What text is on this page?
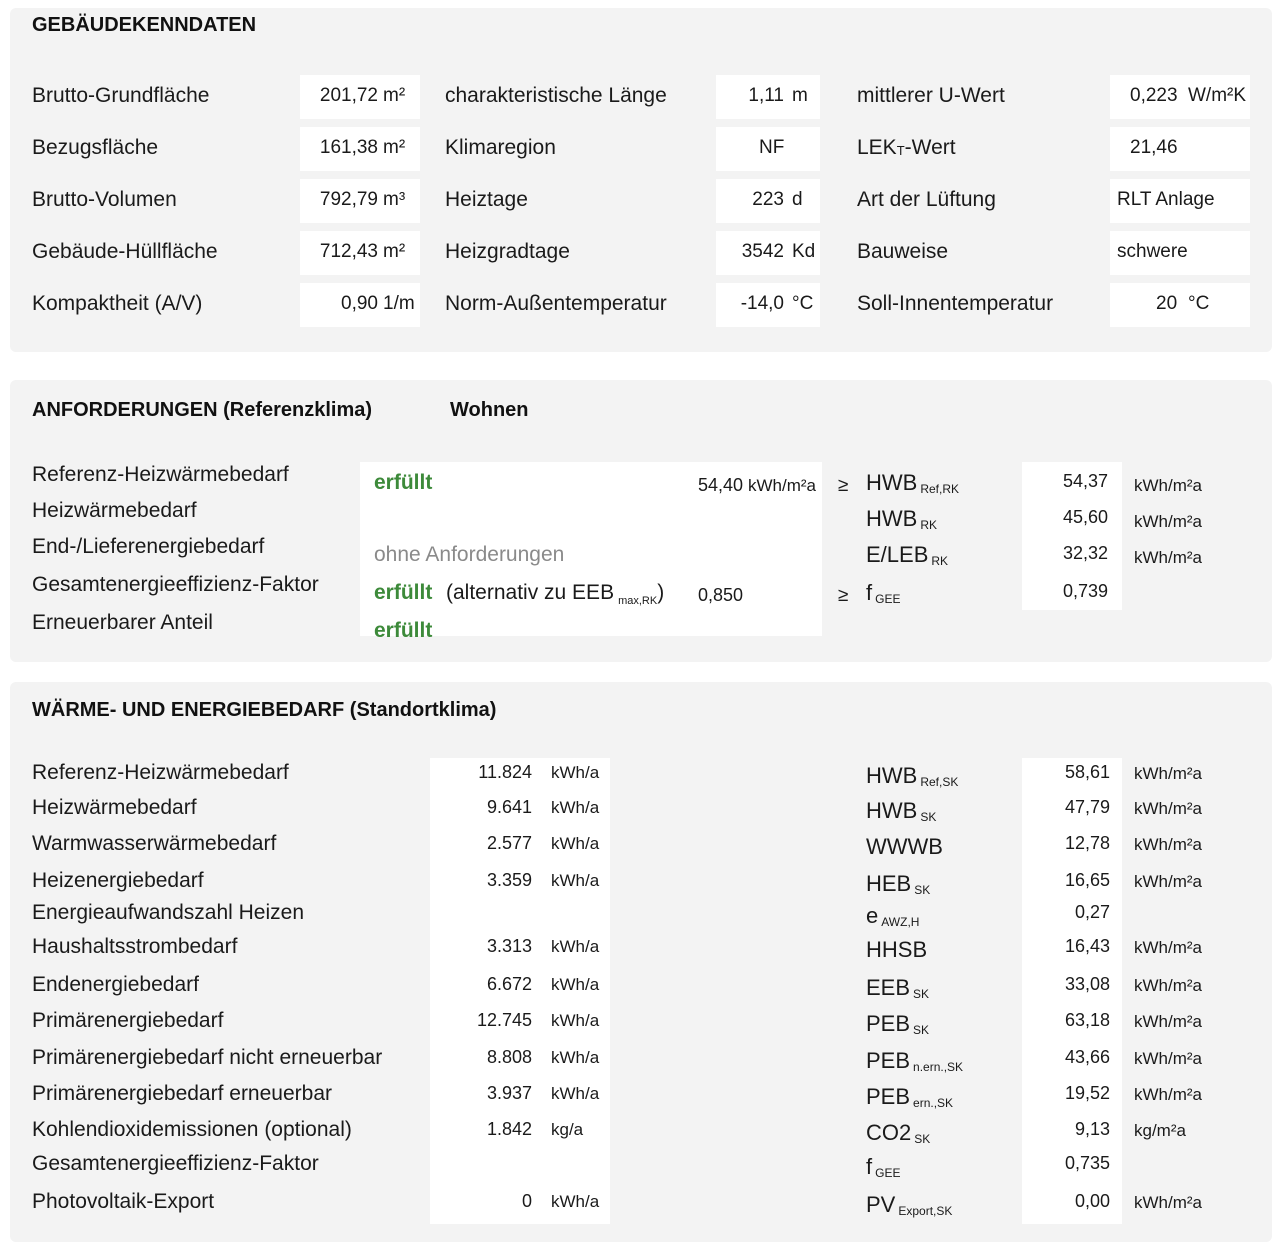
GEBÄUDEKENNDATEN
Brutto-Grundfläche	201,72 m²
Bezugsfläche	161,38 m²
Brutto-Volumen	792,79 m³
Gebäude-Hüllfläche	712,43 m²
Kompaktheit (A/V)	0,90 1/m
charakteristische Länge	1,11 m
Klimaregion	NF
Heiztage	223 d
Heizgradtage	3542 Kd
Norm-Außentemperatur	-14,0 °C
mittlerer U-Wert	0,223 W/m²K
$LEK_T$-Wert	21,46
Art der Lüftung	RLT Anlage
Bauweise	schwere
Soll-Innentemperatur	20 °C
ANFORDERUNGEN (Referenzklima)	Wohnen
Referenz-Heizwärmebedarf	erfüllt	54,40 kWh/m²a ≥ HWB $_{Ref,RK}$	54,37 kWh/m²a
Heizwärmebedarf	HWB $_{RK}$	45,60 kWh/m²a
End-/Lieferenergiebedarf	ohne Anforderungen	E/LEB $_{RK}$	32,32 kWh/m²a
Gesamtenergieeffizienz-Faktor	erfüllt (alternativ zu EEB $_{max,RK}$) 0,850	≥ f $_{GEE}$	0,739
Erneuerbarer Anteil	erfüllt
WÄRME- UND ENERGIEBEDARF (Standortklima)
Referenz-Heizwärmebedarf	11.824 kWh/a	HWB $_{Ref,SK}$	58,61 kWh/m²a
Heizwärmebedarf	9.641 kWh/a	HWB $_{SK}$	47,79 kWh/m²a
Warmwasserwärmebedarf	2.577 kWh/a	WWWB	12,78 kWh/m²a
Heizenergiebedarf	3.359 kWh/a	HEB $_{SK}$	16,65 kWh/m²a
Energieaufwandszahl Heizen	e $_{AWZ,H}$	0,27
Haushaltsstrombedarf	3.313 kWh/a	HHSB	16,43 kWh/m²a
Endenergiebedarf	6.672 kWh/a	EEB $_{SK}$	33,08 kWh/m²a
Primärenergiebedarf	12.745 kWh/a	PEB $_{SK}$	63,18 kWh/m²a
Primärenergiebedarf nicht erneuerbar	8.808 kWh/a	PEB $_{n.ern.,SK}$	43,66 kWh/m²a
Primärenergiebedarf erneuerbar	3.937 kWh/a	PEB $_{ern.,SK}$	19,52 kWh/m²a
Kohlendioxidemissionen (optional)	1.842 kg/a	CO2 $_{SK}$	9,13 kg/m²a
Gesamtenergieeffizienz-Faktor	f $_{GEE}$	0,735
Photovoltaik-Export	0 kWh/a	PV $_{Export,SK}$	0,00 kWh/m²a
